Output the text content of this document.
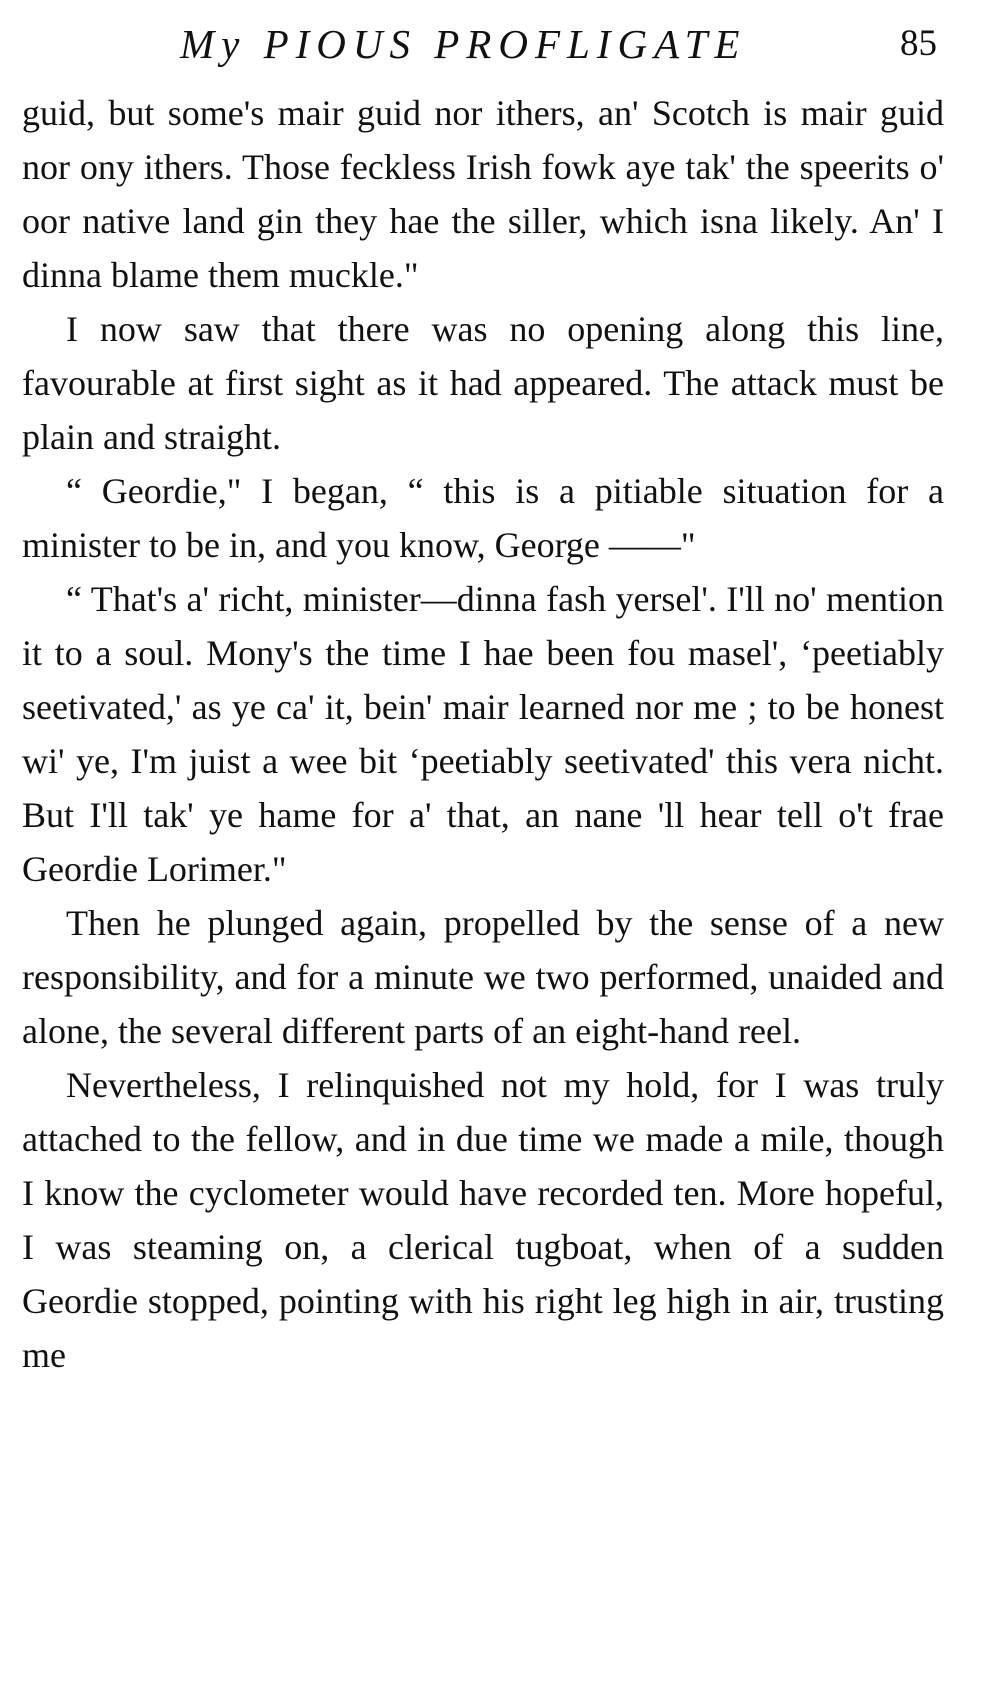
My PIOUS PROFLIGATE	85

guid, but some's mair guid nor ithers, an' Scotch is mair guid nor ony ithers. Those feckless Irish fowk aye tak' the speerits o' oor native land gin they hae the siller, which isna likely. An' I dinna blame them muckle."

I now saw that there was no opening along this line, favourable at first sight as it had appeared. The attack must be plain and straight.

“ Geordie," I began, “ this is a pitiable situation for a minister to be in, and you know, George ——"

“ That's a' richt, minister—dinna fash yersel'. I'll no' mention it to a soul. Mony's the time I hae been fou masel', ‘peetiably seetivated,' as ye ca' it, bein' mair learned nor me ; to be honest wi' ye, I'm juist a wee bit ‘peetiably seetivated' this vera nicht. But I'll tak' ye hame for a' that, an nane 'll hear tell o't frae Geordie Lorimer."

Then he plunged again, propelled by the sense of a new responsibility, and for a minute we two performed, unaided and alone, the several different parts of an eight-hand reel.

Nevertheless, I relinquished not my hold, for I was truly attached to the fellow, and in due time we made a mile, though I know the cyclometer would have recorded ten. More hopeful, I was steaming on, a clerical tugboat, when of a sudden Geordie stopped, pointing with his right leg high in air, trusting me
